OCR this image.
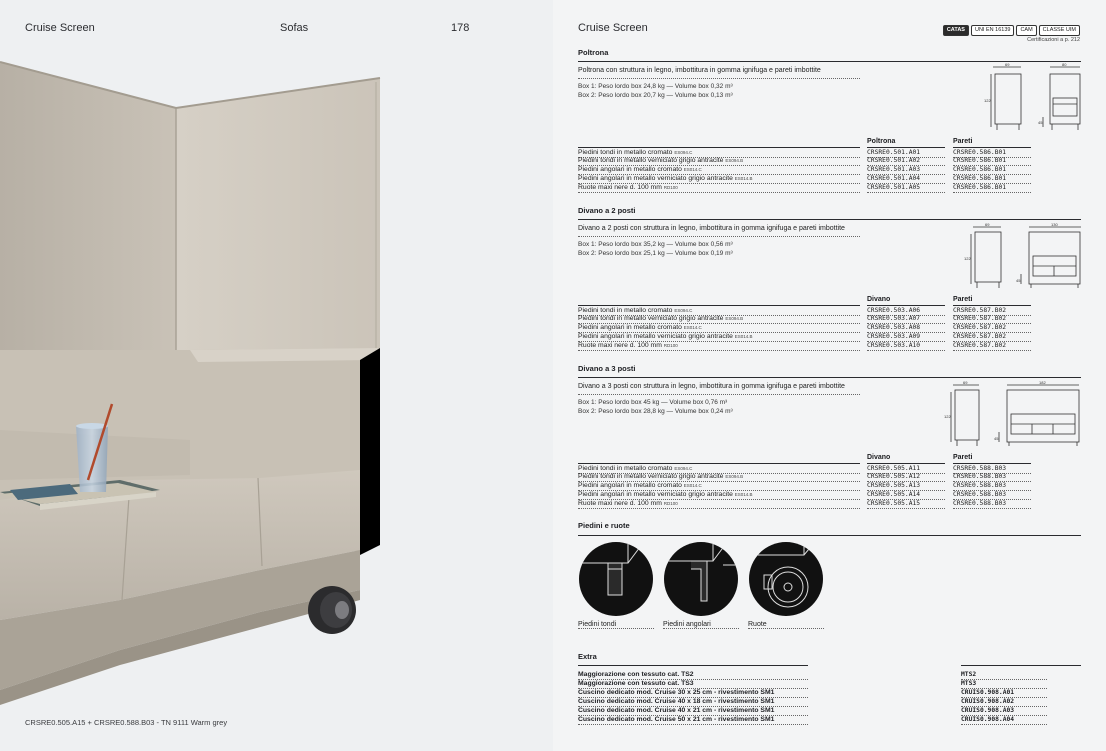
Cruise Screen	Sofas	178
CRSRE0.505.A15 + CRSRE0.588.B03 - TN 9111 Warm grey
Cruise Screen	CATAS	UNI EN 16139	CAM	CLASSE UIM
Certificazioni a p. 212
Poltrona
Poltrona con struttura in legno, imbottitura in gomma ignifuga e pareti imbottite
Box 1: Peso lordo box 24,8 kg — Volume box 0,32 m³
Box 2: Peso lordo box 20,7 kg — Volume box 0,13 m³
Poltrona	Pareti
Piedini tondi in metallo cromato ES094.C	CRSRE0.501.A01	CRSRE0.586.B01
Piedini tondi in metallo verniciato grigio antracite ES094.B	CRSRE0.501.A02	CRSRE0.586.B01
Piedini angolari in metallo cromato ES014.C	CRSRE0.501.A03	CRSRE0.586.B01
Piedini angolari in metallo verniciato grigio antracite ES014.B	CRSRE0.501.A04	CRSRE0.586.B01
Ruote maxi nere d. 100 mm RD100	CRSRE0.501.A05	CRSRE0.586.B01
Divano a 2 posti
Divano a 2 posti con struttura in legno, imbottitura in gomma ignifuga e pareti imbottite
Box 1: Peso lordo box 35,2 kg — Volume box 0,56 m³
Box 2: Peso lordo box 25,1 kg — Volume box 0,19 m³
Divano	Pareti
Piedini tondi in metallo cromato ES094.C	CRSRE0.503.A06	CRSRE0.587.B02
Piedini tondi in metallo verniciato grigio antracite ES094.B	CRSRE0.503.A07	CRSRE0.587.B02
Piedini angolari in metallo cromato ES014.C	CRSRE0.503.A08	CRSRE0.587.B02
Piedini angolari in metallo verniciato grigio antracite ES014.B	CRSRE0.503.A09	CRSRE0.587.B02
Ruote maxi nere d. 100 mm RD100	CRSRE0.503.A10	CRSRE0.587.B02
Divano a 3 posti
Divano a 3 posti con struttura in legno, imbottitura in gomma ignifuga e pareti imbottite
Box 1: Peso lordo box 45 kg — Volume box 0,76 m³
Box 2: Peso lordo box 28,8 kg — Volume box 0,24 m³
Divano	Pareti
Piedini tondi in metallo cromato ES094.C	CRSRE0.505.A11	CRSRE0.588.B03
Piedini tondi in metallo verniciato grigio antracite ES094.B	CRSRE0.505.A12	CRSRE0.588.B03
Piedini angolari in metallo cromato ES014.C	CRSRE0.505.A13	CRSRE0.588.B03
Piedini angolari in metallo verniciato grigio antracite ES014.B	CRSRE0.505.A14	CRSRE0.588.B03
Ruote maxi nere d. 100 mm RD100	CRSRE0.505.A15	CRSRE0.588.B03
69	80
122
45
69	130
122
45
69	182
122
45
Piedini e ruote
Piedini tondi	Piedini angolari	Ruote
Extra
Maggiorazione con tessuto cat. TS2	MTS2
Maggiorazione con tessuto cat. TS3	MTS3
Cuscino dedicato mod. Cruise 30 x 25 cm - rivestimento SM1	CRUIS0.908.A01
Cuscino dedicato mod. Cruise 40 x 18 cm - rivestimento SM1	CRUIS0.908.A02
Cuscino dedicato mod. Cruise 40 x 21 cm - rivestimento SM1	CRUIS0.908.A03
Cuscino dedicato mod. Cruise 50 x 21 cm - rivestimento SM1	CRUIS0.908.A04
